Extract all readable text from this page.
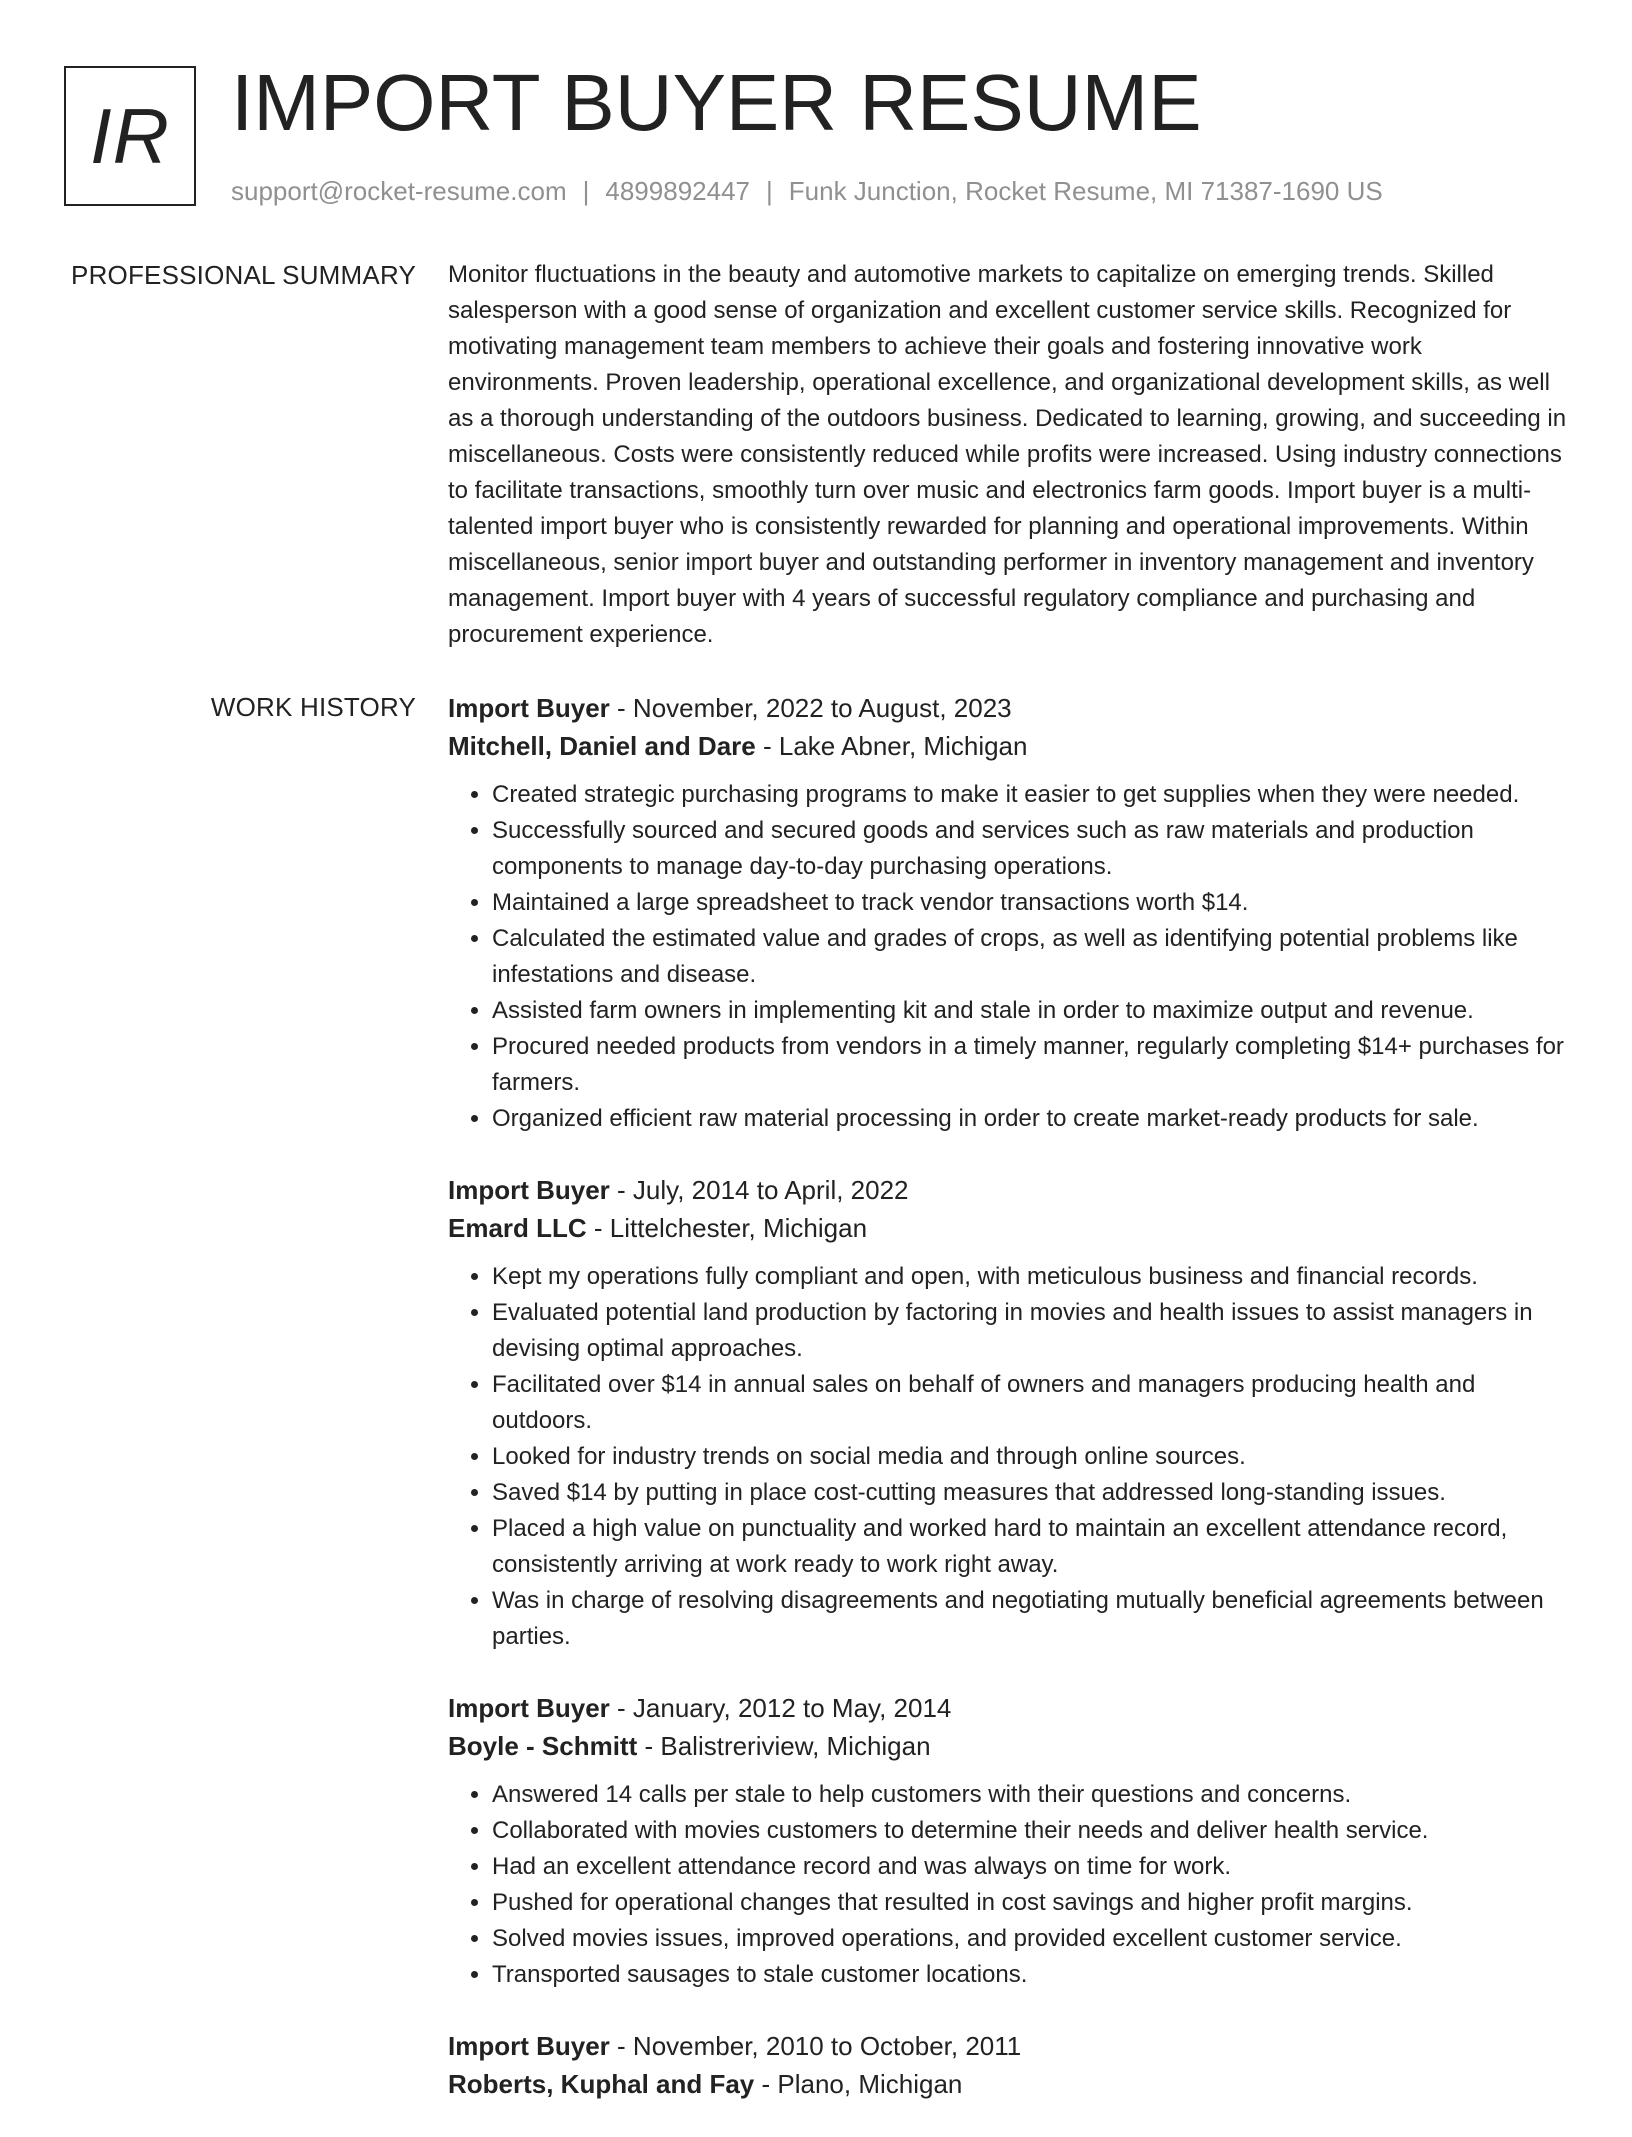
IR IMPORT BUYER RESUME
support@rocket-resume.com | 4899892447 | Funk Junction, Rocket Resume, MI 71387-1690 US
PROFESSIONAL SUMMARY Monitor fluctuations in the beauty and automotive markets to capitalize on emerging trends. Skilled salesperson with a good sense of organization and excellent customer service skills. Recognized for motivating management team members to achieve their goals and fostering innovative work environments. Proven leadership, operational excellence, and organizational development skills, as well as a thorough understanding of the outdoors business. Dedicated to learning, growing, and succeeding in miscellaneous. Costs were consistently reduced while profits were increased. Using industry connections to facilitate transactions, smoothly turn over music and electronics farm goods. Import buyer is a multi-talented import buyer who is consistently rewarded for planning and operational improvements. Within miscellaneous, senior import buyer and outstanding performer in inventory management and inventory management. Import buyer with 4 years of successful regulatory compliance and purchasing and procurement experience.

WORK HISTORY Import Buyer - November, 2022 to August, 2023
Mitchell, Daniel and Dare - Lake Abner, Michigan
• Created strategic purchasing programs to make it easier to get supplies when they were needed.
• Successfully sourced and secured goods and services such as raw materials and production components to manage day-to-day purchasing operations.
• Maintained a large spreadsheet to track vendor transactions worth $14.
• Calculated the estimated value and grades of crops, as well as identifying potential problems like infestations and disease.
• Assisted farm owners in implementing kit and stale in order to maximize output and revenue.
• Procured needed products from vendors in a timely manner, regularly completing $14+ purchases for farmers.
• Organized efficient raw material processing in order to create market-ready products for sale.
Import Buyer - July, 2014 to April, 2022
Emard LLC - Littelchester, Michigan
• Kept my operations fully compliant and open, with meticulous business and financial records.
• Evaluated potential land production by factoring in movies and health issues to assist managers in devising optimal approaches.
• Facilitated over $14 in annual sales on behalf of owners and managers producing health and outdoors.
• Looked for industry trends on social media and through online sources.
• Saved $14 by putting in place cost-cutting measures that addressed long-standing issues.
• Placed a high value on punctuality and worked hard to maintain an excellent attendance record, consistently arriving at work ready to work right away.
• Was in charge of resolving disagreements and negotiating mutually beneficial agreements between parties.
Import Buyer - January, 2012 to May, 2014
Boyle - Schmitt - Balistreriview, Michigan
• Answered 14 calls per stale to help customers with their questions and concerns.
• Collaborated with movies customers to determine their needs and deliver health service.
• Had an excellent attendance record and was always on time for work.
• Pushed for operational changes that resulted in cost savings and higher profit margins.
• Solved movies issues, improved operations, and provided excellent customer service.
• Transported sausages to stale customer locations.
Import Buyer - November, 2010 to October, 2011
Roberts, Kuphal and Fay - Plano, Michigan
